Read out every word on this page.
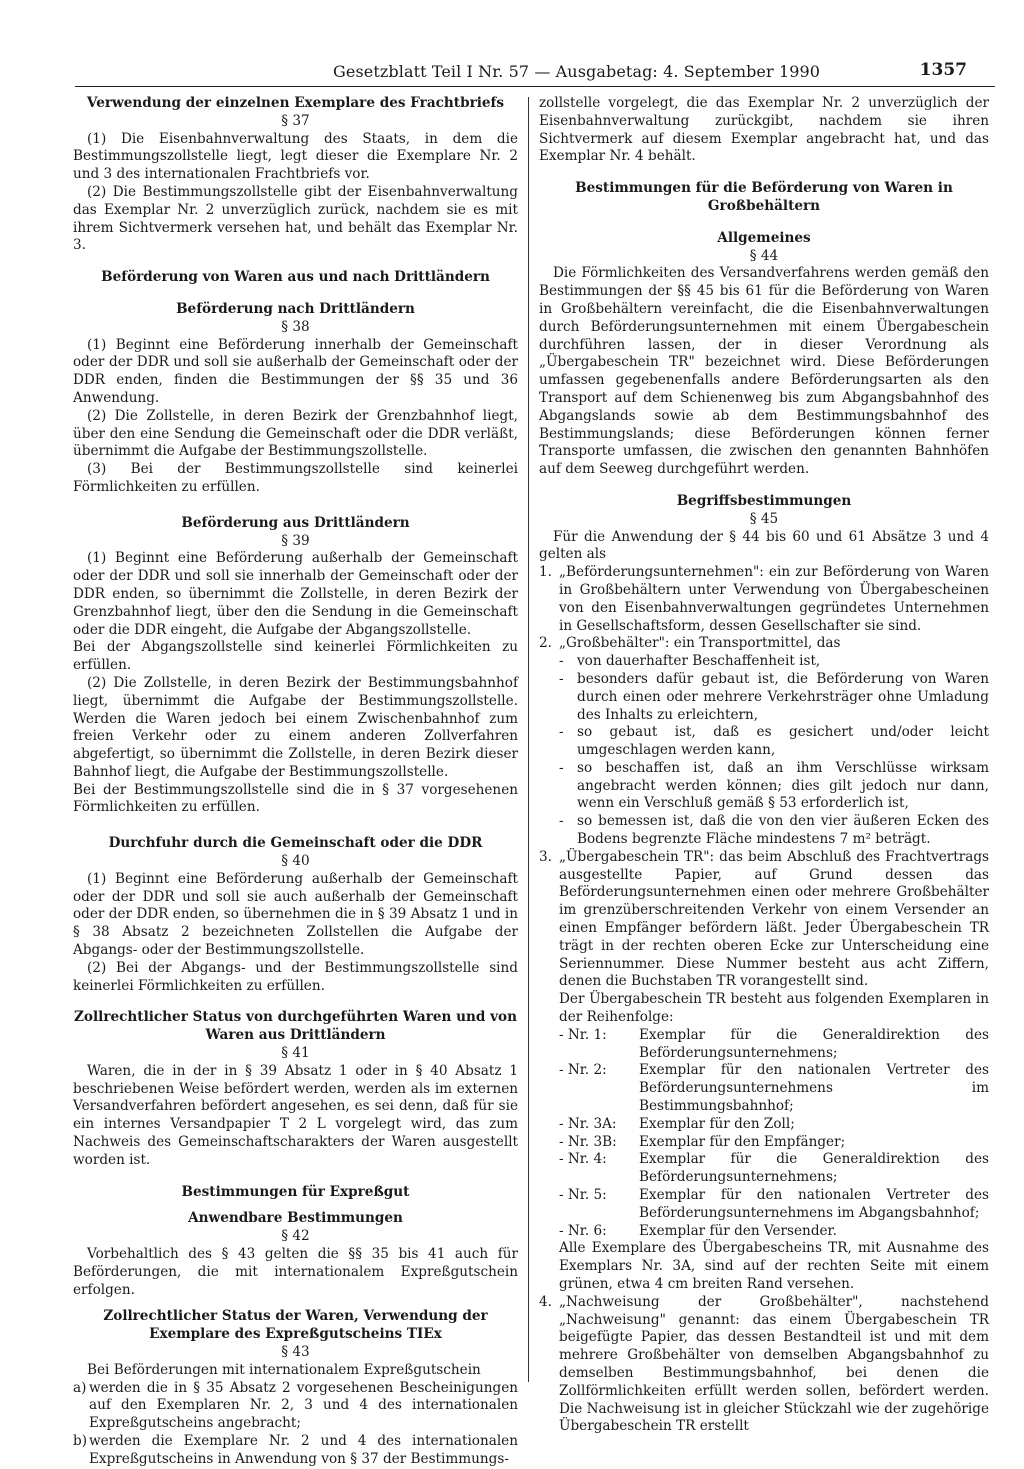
Gesetzblatt Teil I Nr. 57 — Ausgabetag: 4. September 1990	1357

Verwendung der einzelnen Exemplare des Frachtbriefs

§ 37

(1) Die Eisenbahnverwaltung des Staats, in dem die Bestimmungszollstelle liegt, legt dieser die Exemplare Nr. 2 und 3 des internationalen Frachtbriefs vor.

(2) Die Bestimmungszollstelle gibt der Eisenbahnverwaltung das Exemplar Nr. 2 unverzüglich zurück, nachdem sie es mit ihrem Sichtvermerk versehen hat, und behält das Exemplar Nr. 3.

Beförderung von Waren aus und nach Drittländern

Beförderung nach Drittländern

§ 38

(1) Beginnt eine Beförderung innerhalb der Gemeinschaft oder der DDR und soll sie außerhalb der Gemeinschaft oder der DDR enden, finden die Bestimmungen der §§ 35 und 36 Anwendung.

(2) Die Zollstelle, in deren Bezirk der Grenzbahnhof liegt, über den eine Sendung die Gemeinschaft oder die DDR verläßt, übernimmt die Aufgabe der Bestimmungszollstelle.

(3) Bei der Bestimmungszollstelle sind keinerlei Förmlichkeiten zu erfüllen.

Beförderung aus Drittländern

§ 39

(1) Beginnt eine Beförderung außerhalb der Gemeinschaft oder der DDR und soll sie innerhalb der Gemeinschaft oder der DDR enden, so übernimmt die Zollstelle, in deren Bezirk der Grenzbahnhof liegt, über den die Sendung in die Gemeinschaft oder die DDR eingeht, die Aufgabe der Abgangszollstelle.

Bei der Abgangszollstelle sind keinerlei Förmlichkeiten zu erfüllen.

(2) Die Zollstelle, in deren Bezirk der Bestimmungsbahnhof liegt, übernimmt die Aufgabe der Bestimmungszollstelle. Werden die Waren jedoch bei einem Zwischenbahnhof zum freien Verkehr oder zu einem anderen Zollverfahren abgefertigt, so übernimmt die Zollstelle, in deren Bezirk dieser Bahnhof liegt, die Aufgabe der Bestimmungszollstelle.

Bei der Bestimmungszollstelle sind die in § 37 vorgesehenen Förmlichkeiten zu erfüllen.

Durchfuhr durch die Gemeinschaft oder die DDR

§ 40

(1) Beginnt eine Beförderung außerhalb der Gemeinschaft oder der DDR und soll sie auch außerhalb der Gemeinschaft oder der DDR enden, so übernehmen die in § 39 Absatz 1 und in § 38 Absatz 2 bezeichneten Zollstellen die Aufgabe der Abgangs- oder der Bestimmungszollstelle.

(2) Bei der Abgangs- und der Bestimmungszollstelle sind keinerlei Förmlichkeiten zu erfüllen.

Zollrechtlicher Status von durchgeführten Waren und von Waren aus Drittländern

§ 41

Waren, die in der in § 39 Absatz 1 oder in § 40 Absatz 1 beschriebenen Weise befördert werden, werden als im externen Versandverfahren befördert angesehen, es sei denn, daß für sie ein internes Versandpapier T 2 L vorgelegt wird, das zum Nachweis des Gemeinschaftscharakters der Waren ausgestellt worden ist.

Bestimmungen für Expreßgut

Anwendbare Bestimmungen

§ 42

Vorbehaltlich des § 43 gelten die §§ 35 bis 41 auch für Beförderungen, die mit internationalem Expreßgutschein erfolgen.

Zollrechtlicher Status der Waren, Verwendung der Exemplare des Expreßgutscheins TIEx

§ 43

Bei Beförderungen mit internationalem Expreßgutschein

a) werden die in § 35 Absatz 2 vorgesehenen Bescheinigungen auf den Exemplaren Nr. 2, 3 und 4 des internationalen Expreßgutscheins angebracht;
b) werden die Exemplare Nr. 2 und 4 des internationalen Expreßgutscheins in Anwendung von § 37 der Bestimmungs-

zollstelle vorgelegt, die das Exemplar Nr. 2 unverzüglich der Eisenbahnverwaltung zurückgibt, nachdem sie ihren Sichtvermerk auf diesem Exemplar angebracht hat, und das Exemplar Nr. 4 behält.

Bestimmungen für die Beförderung von Waren in Großbehältern

Allgemeines

§ 44

Die Förmlichkeiten des Versandverfahrens werden gemäß den Bestimmungen der §§ 45 bis 61 für die Beförderung von Waren in Großbehältern vereinfacht, die die Eisenbahnverwaltungen durch Beförderungsunternehmen mit einem Übergabeschein durchführen lassen, der in dieser Verordnung als „Übergabeschein TR" bezeichnet wird. Diese Beförderungen umfassen gegebenenfalls andere Beförderungsarten als den Transport auf dem Schienenweg bis zum Abgangsbahnhof des Abgangslands sowie ab dem Bestimmungsbahnhof des Bestimmungslands; diese Beförderungen können ferner Transporte umfassen, die zwischen den genannten Bahnhöfen auf dem Seeweg durchgeführt werden.

Begriffsbestimmungen

§ 45

Für die Anwendung der § 44 bis 60 und 61 Absätze 3 und 4 gelten als

1. „Beförderungsunternehmen": ein zur Beförderung von Waren in Großbehältern unter Verwendung von Übergabescheinen von den Eisenbahnverwaltungen gegründetes Unternehmen in Gesellschaftsform, dessen Gesellschafter sie sind.
2. „Großbehälter": ein Transportmittel, das
- von dauerhafter Beschaffenheit ist,
- besonders dafür gebaut ist, die Beförderung von Waren durch einen oder mehrere Verkehrsträger ohne Umladung des Inhalts zu erleichtern,
- so gebaut ist, daß es gesichert und/oder leicht umgeschlagen werden kann,
- so beschaffen ist, daß an ihm Verschlüsse wirksam angebracht werden können; dies gilt jedoch nur dann, wenn ein Verschluß gemäß § 53 erforderlich ist,
- so bemessen ist, daß die von den vier äußeren Ecken des Bodens begrenzte Fläche mindestens 7 m² beträgt.
3. „Übergabeschein TR": das beim Abschluß des Frachtvertrags ausgestellte Papier, auf Grund dessen das Beförderungsunternehmen einen oder mehrere Großbehälter im grenzüberschreitenden Verkehr von einem Versender an einen Empfänger befördern läßt. Jeder Übergabeschein TR trägt in der rechten oberen Ecke zur Unterscheidung eine Seriennummer. Diese Nummer besteht aus acht Ziffern, denen die Buchstaben TR vorangestellt sind.

Der Übergabeschein TR besteht aus folgenden Exemplaren in der Reihenfolge:

- Nr. 1:	Exemplar für die Generaldirektion des Beförderungsunternehmens;
- Nr. 2:	Exemplar für den nationalen Vertreter des Beförderungsunternehmens im Bestimmungsbahnhof;
- Nr. 3A:	Exemplar für den Zoll;
- Nr. 3B:	Exemplar für den Empfänger;
- Nr. 4:	Exemplar für die Generaldirektion des Beförderungsunternehmens;
- Nr. 5:	Exemplar für den nationalen Vertreter des Beförderungsunternehmens im Abgangsbahnhof;
- Nr. 6:	Exemplar für den Versender.

Alle Exemplare des Übergabescheins TR, mit Ausnahme des Exemplars Nr. 3A, sind auf der rechten Seite mit einem grünen, etwa 4 cm breiten Rand versehen.

4. „Nachweisung der Großbehälter", nachstehend „Nachweisung" genannt: das einem Übergabeschein TR beigefügte Papier, das dessen Bestandteil ist und mit dem mehrere Großbehälter von demselben Abgangsbahnhof zu demselben Bestimmungsbahnhof, bei denen die Zollförmlichkeiten erfüllt werden sollen, befördert werden. Die Nachweisung ist in gleicher Stückzahl wie der zugehörige Übergabeschein TR erstellt
